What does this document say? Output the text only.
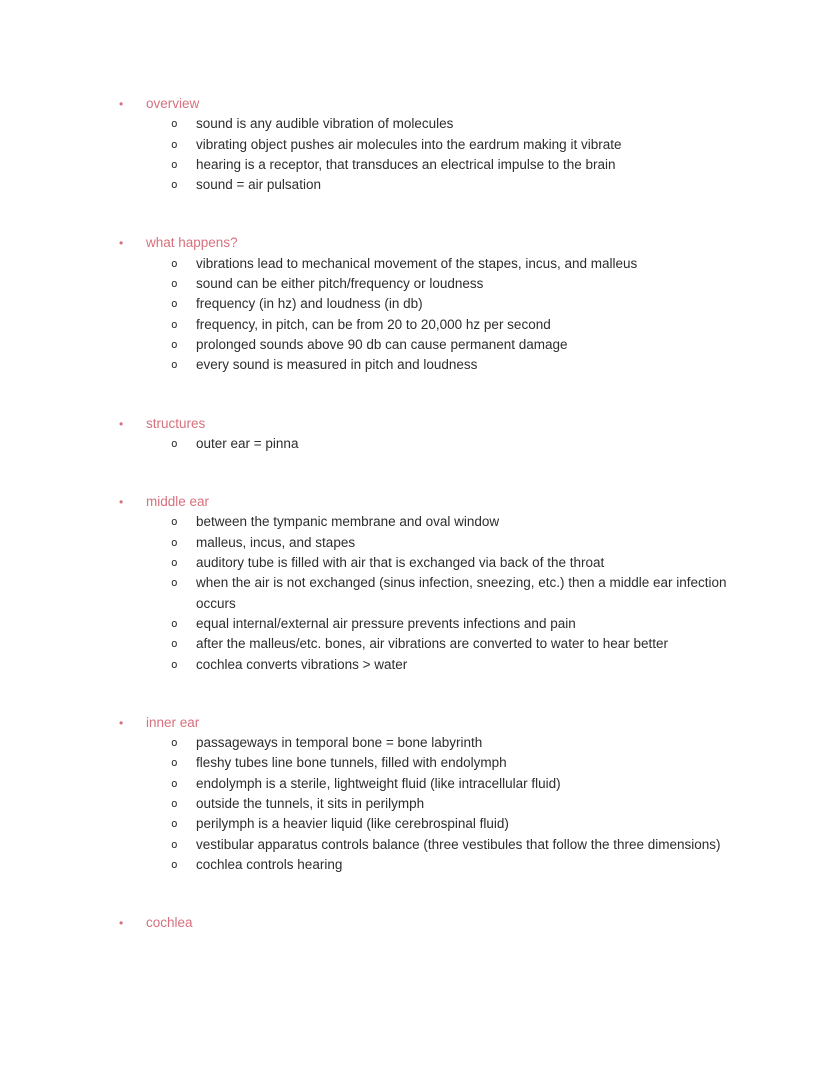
• overview
o sound is any audible vibration of molecules
o vibrating object pushes air molecules into the eardrum making it vibrate
o hearing is a receptor, that transduces an electrical impulse to the brain
o sound = air pulsation
• what happens?
o vibrations lead to mechanical movement of the stapes, incus, and malleus
o sound can be either pitch/frequency or loudness
o frequency (in hz) and loudness (in db)
o frequency, in pitch, can be from 20 to 20,000 hz per second
o prolonged sounds above 90 db can cause permanent damage
o every sound is measured in pitch and loudness
• structures
o outer ear = pinna
• middle ear
o between the tympanic membrane and oval window
o malleus, incus, and stapes
o auditory tube is filled with air that is exchanged via back of the throat
o when the air is not exchanged (sinus infection, sneezing, etc.) then a middle ear infection occurs
o equal internal/external air pressure prevents infections and pain
o after the malleus/etc. bones, air vibrations are converted to water to hear better
o cochlea converts vibrations > water
• inner ear
o passageways in temporal bone = bone labyrinth
o fleshy tubes line bone tunnels, filled with endolymph
o endolymph is a sterile, lightweight fluid (like intracellular fluid)
o outside the tunnels, it sits in perilymph
o perilymph is a heavier liquid (like cerebrospinal fluid)
o vestibular apparatus controls balance (three vestibules that follow the three dimensions)
o cochlea controls hearing
• cochlea
